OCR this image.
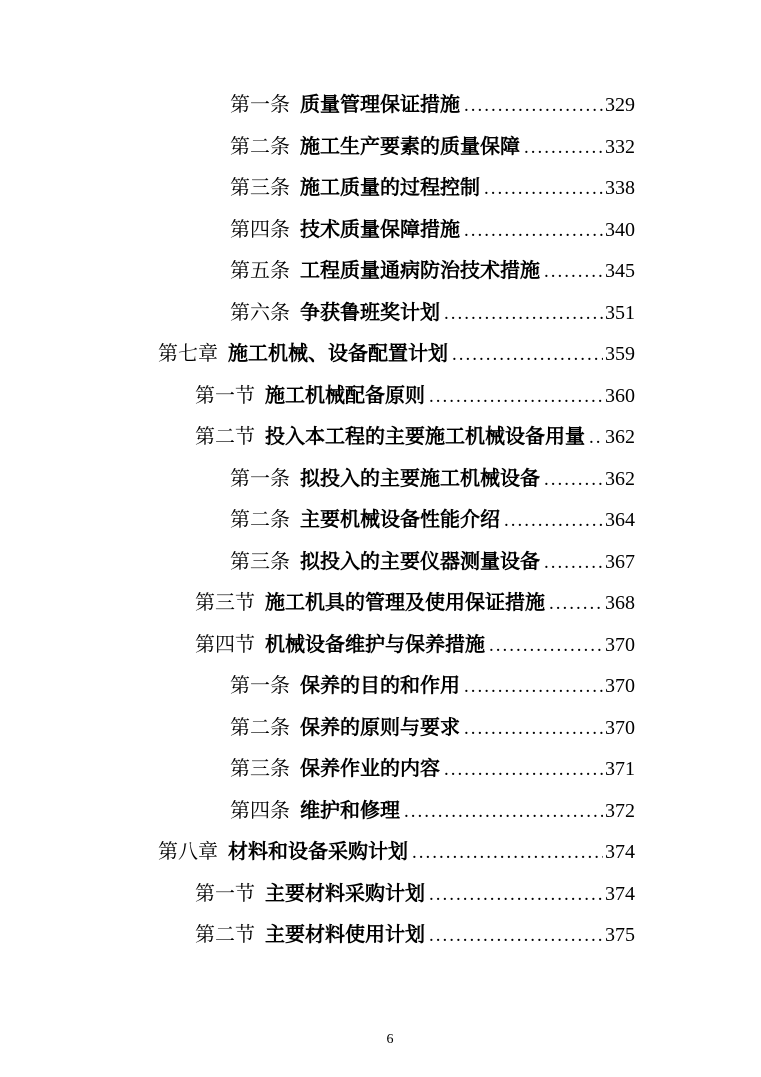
第一条 质量管理保证措施 .....	329
第二条 施工生产要素的质量保障 .....	332
第三条 施工质量的过程控制 .....	338
第四条 技术质量保障措施 .....	340
第五条 工程质量通病防治技术措施 .....	345
第六条 争获鲁班奖计划 .....	351
第七章 施工机械、设备配置计划 .....	359
第一节 施工机械配备原则 .....	360
第二节 投入本工程的主要施工机械设备用量 ..... 362
第一条 拟投入的主要施工机械设备 .....	362
第二条 主要机械设备性能介绍 .....	364
第三条 拟投入的主要仪器测量设备 .....	367
第三节 施工机具的管理及使用保证措施 .....	368
第四节 机械设备维护与保养措施 .....	370
第一条 保养的目的和作用 .....	370
第二条 保养的原则与要求 .....	370
第三条 保养作业的内容 .....	371
第四条 维护和修理 .....	372
第八章 材料和设备采购计划 .....	374
第一节 主要材料采购计划 .....	374
第二节 主要材料使用计划 .....	375
6
